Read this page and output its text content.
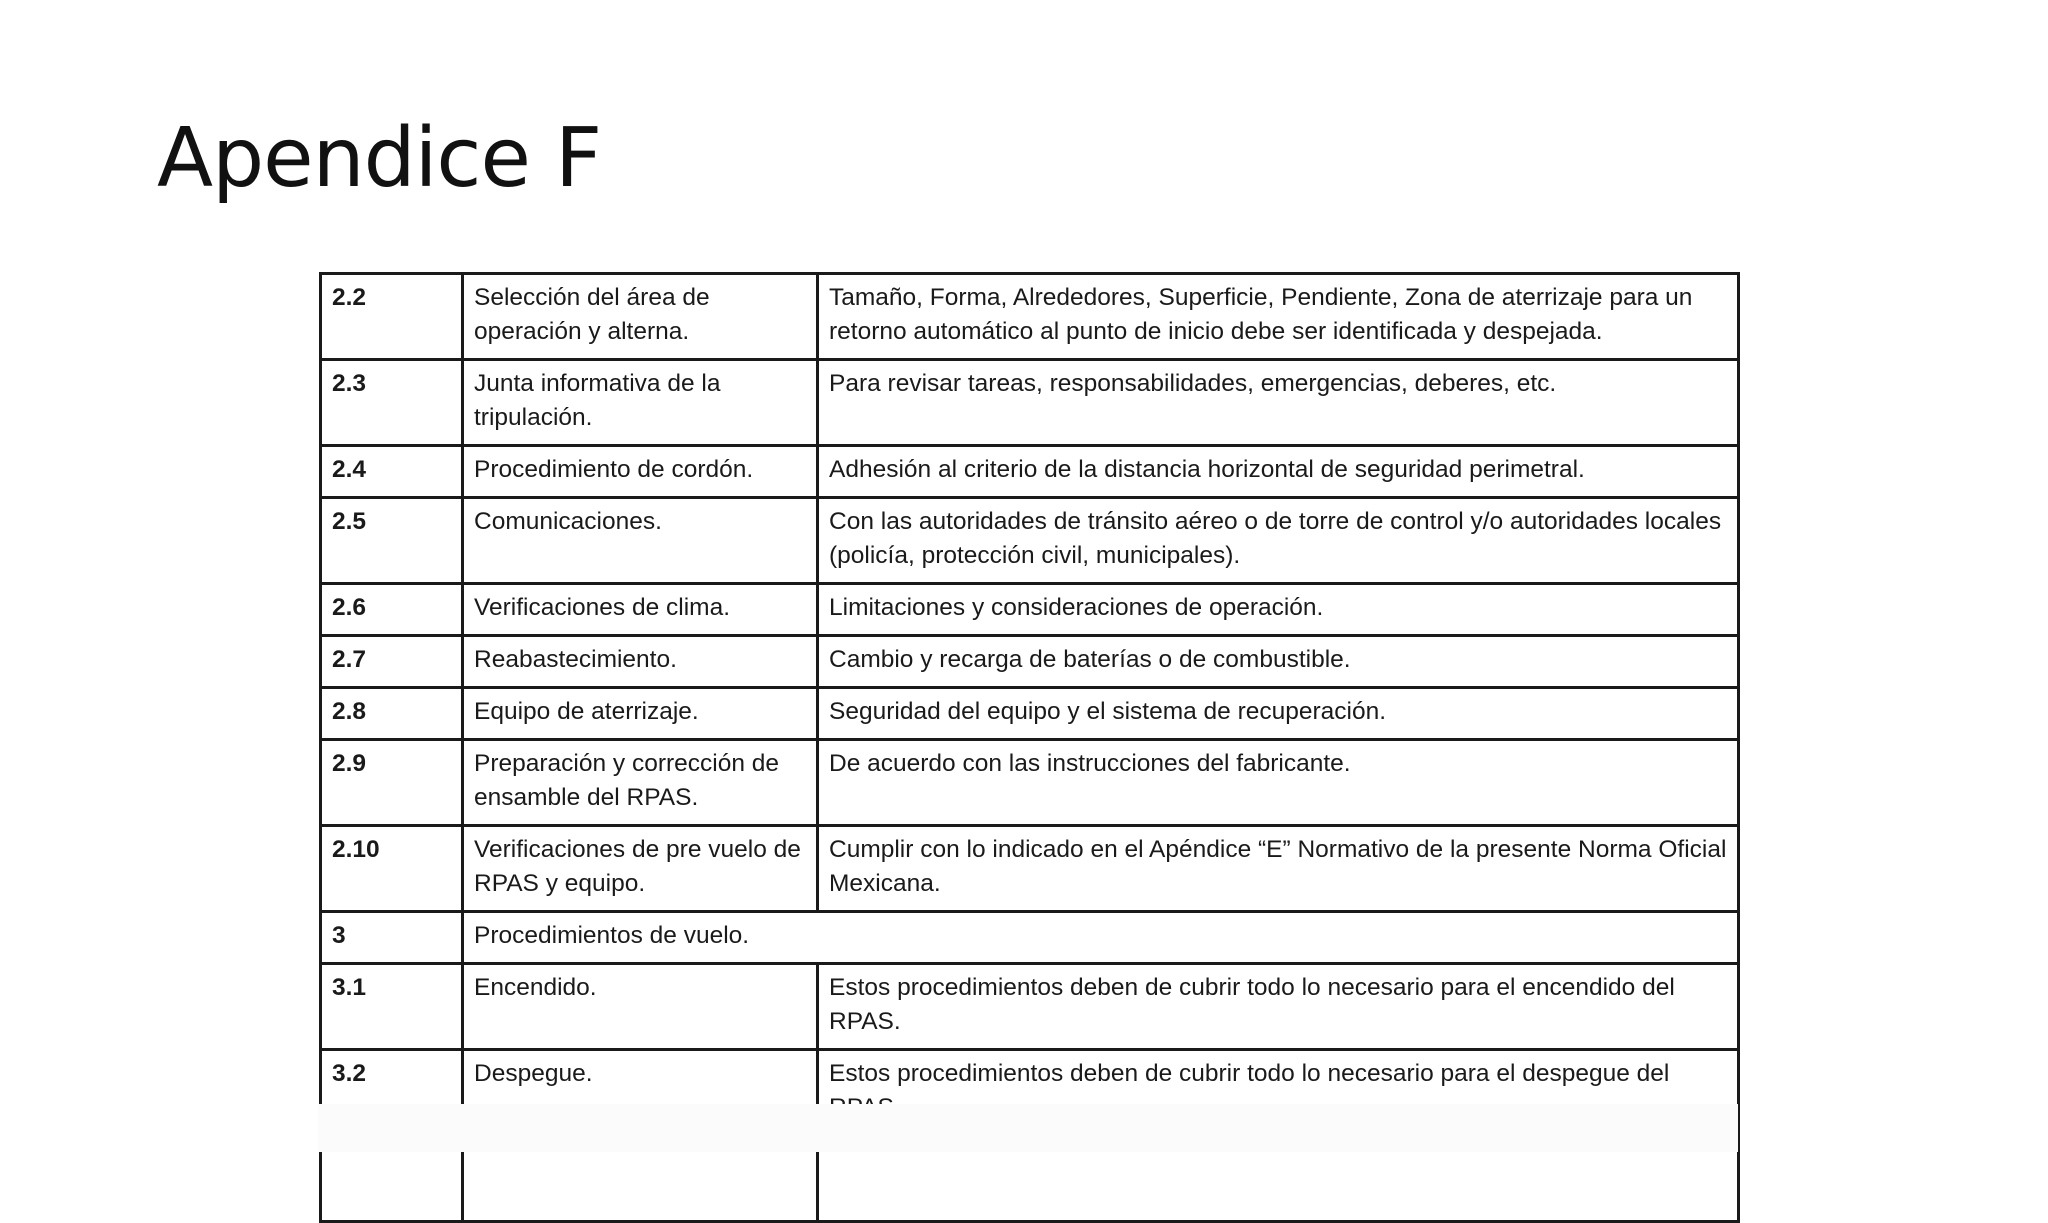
Apendice F
2.2	Selección del área de operación y alterna.	Tamaño, Forma, Alrededores, Superficie, Pendiente, Zona de aterrizaje para un retorno automático al punto de inicio debe ser identificada y despejada.
2.3	Junta informativa de la tripulación.	Para revisar tareas, responsabilidades, emergencias, deberes, etc.
2.4	Procedimiento de cordón.	Adhesión al criterio de la distancia horizontal de seguridad perimetral.
2.5	Comunicaciones.	Con las autoridades de tránsito aéreo o de torre de control y/o autoridades locales (policía, protección civil, municipales).
2.6	Verificaciones de clima.	Limitaciones y consideraciones de operación.
2.7	Reabastecimiento.	Cambio y recarga de baterías o de combustible.
2.8	Equipo de aterrizaje.	Seguridad del equipo y el sistema de recuperación.
2.9	Preparación y corrección de ensamble del RPAS.	De acuerdo con las instrucciones del fabricante.
2.10	Verificaciones de pre vuelo de RPAS y equipo.	Cumplir con lo indicado en el Apéndice “E” Normativo de la presente Norma Oficial Mexicana.
3	Procedimientos de vuelo.	
3.1	Encendido.	Estos procedimientos deben de cubrir todo lo necesario para el encendido del RPAS.
3.2	Despegue.	Estos procedimientos deben de cubrir todo lo necesario para el despegue del
